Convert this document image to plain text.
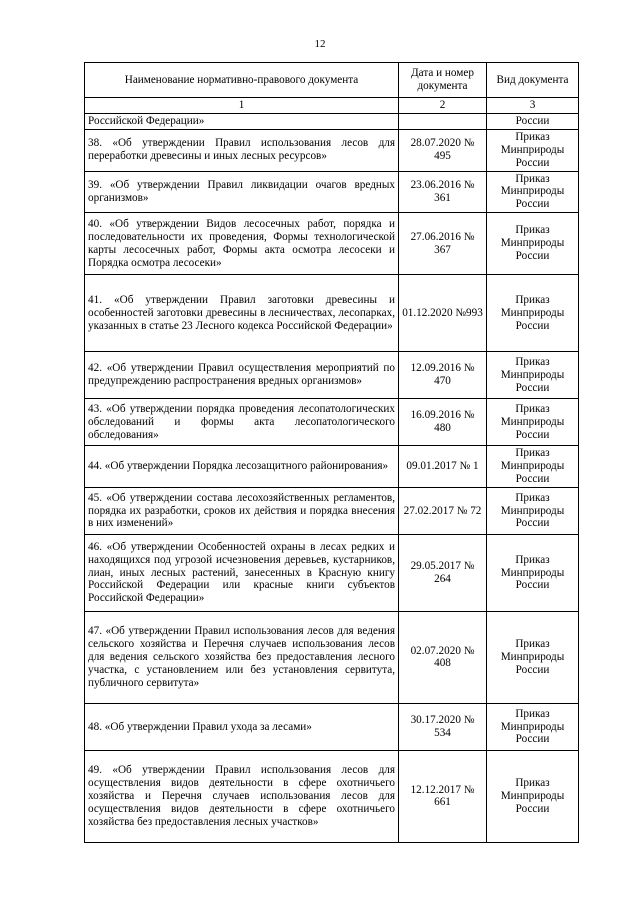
12
Наименование нормативно-правового документа	Дата и номер документа	Вид документа
1	2	3
Российской Федерации»		России
38. «Об утверждении Правил использования лесов для переработки древесины и иных лесных ресурсов»	28.07.2020 № 495	Приказ Минприроды России
39. «Об утверждении Правил ликвидации очагов вредных организмов»	23.06.2016 № 361	Приказ Минприроды России
40. «Об утверждении Видов лесосечных работ, порядка и последовательности их проведения, Формы технологической карты лесосечных работ, Формы акта осмотра лесосеки и Порядка осмотра лесосеки»	27.06.2016 № 367	Приказ Минприроды России
41. «Об утверждении Правил заготовки древесины и особенностей заготовки древесины в лесничествах, лесопарках, указанных в статье 23 Лесного кодекса Российской Федерации»	01.12.2020 №993	Приказ Минприроды России
42. «Об утверждении Правил осуществления мероприятий по предупреждению распространения вредных организмов»	12.09.2016 № 470	Приказ Минприроды России
43. «Об утверждении порядка проведения лесопатологических обследований и формы акта лесопатологического обследования»	16.09.2016 № 480	Приказ Минприроды России
44. «Об утверждении Порядка лесозащитного районирования»	09.01.2017 № 1	Приказ Минприроды России
45. «Об утверждении состава лесохозяйственных регламентов, порядка их разработки, сроков их действия и порядка внесения в них изменений»	27.02.2017 № 72	Приказ Минприроды России
46. «Об утверждении Особенностей охраны в лесах редких и находящихся под угрозой исчезновения деревьев, кустарников, лиан, иных лесных растений, занесенных в Красную книгу Российской Федерации или красные книги субъектов Российской Федерации»	29.05.2017 № 264	Приказ Минприроды России
47. «Об утверждении Правил использования лесов для ведения сельского хозяйства и Перечня случаев использования лесов для ведения сельского хозяйства без предоставления лесного участка, с установлением или без установления сервитута, публичного сервитута»	02.07.2020 № 408	Приказ Минприроды России
48. «Об утверждении Правил ухода за лесами»	30.17.2020 № 534	Приказ Минприроды России
49. «Об утверждении Правил использования лесов для осуществления видов деятельности в сфере охотничьего хозяйства и Перечня случаев использования лесов для осуществления видов деятельности в сфере охотничьего хозяйства без предоставления лесных участков»	12.12.2017 № 661	Приказ Минприроды России
